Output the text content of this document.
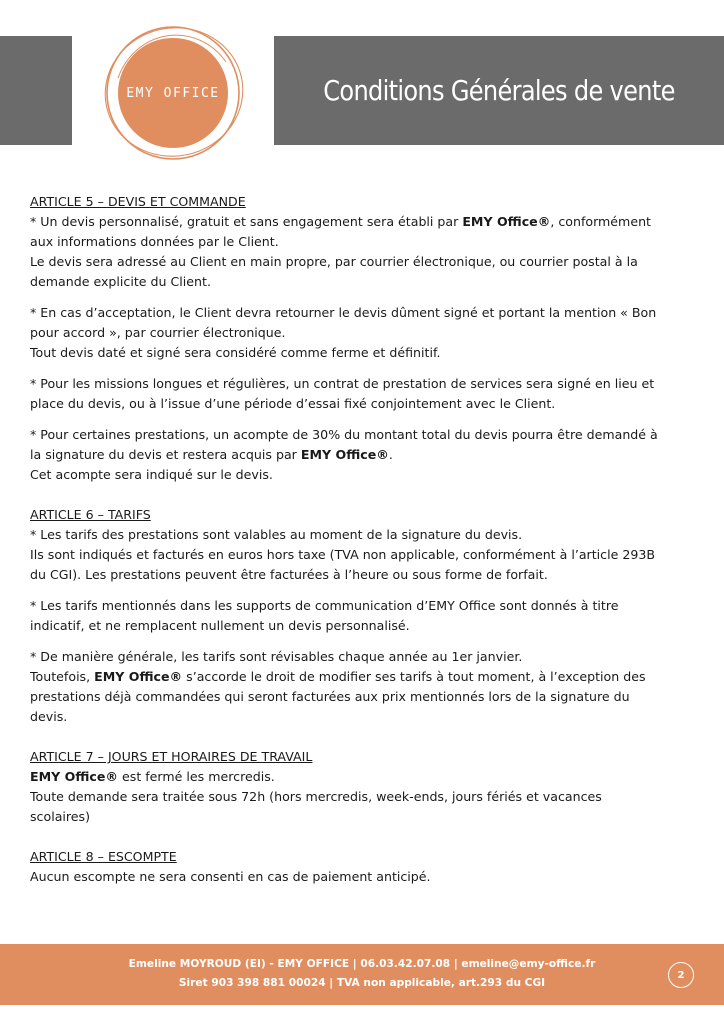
Conditions Générales de vente
EMY OFFICE
ARTICLE 5 – DEVIS ET COMMANDE
* Un devis personnalisé, gratuit et sans engagement sera établi par EMY Office®, conformément
aux informations données par le Client.
Le devis sera adressé au Client en main propre, par courrier électronique, ou courrier postal à la
demande explicite du Client.
* En cas d’acceptation, le Client devra retourner le devis dûment signé et portant la mention « Bon
pour accord », par courrier électronique.
Tout devis daté et signé sera considéré comme ferme et définitif.
* Pour les missions longues et régulières, un contrat de prestation de services sera signé en lieu et
place du devis, ou à l’issue d’une période d’essai fixé conjointement avec le Client.
* Pour certaines prestations, un acompte de 30% du montant total du devis pourra être demandé à
la signature du devis et restera acquis par EMY Office®.
Cet acompte sera indiqué sur le devis.
ARTICLE 6 – TARIFS
* Les tarifs des prestations sont valables au moment de la signature du devis.
Ils sont indiqués et facturés en euros hors taxe (TVA non applicable, conformément à l’article 293B
du CGI). Les prestations peuvent être facturées à l’heure ou sous forme de forfait.
* Les tarifs mentionnés dans les supports de communication d’EMY Office sont donnés à titre
indicatif, et ne remplacent nullement un devis personnalisé.
* De manière générale, les tarifs sont révisables chaque année au 1er janvier.
Toutefois, EMY Office® s’accorde le droit de modifier ses tarifs à tout moment, à l’exception des
prestations déjà commandées qui seront facturées aux prix mentionnés lors de la signature du
devis.
ARTICLE 7 – JOURS ET HORAIRES DE TRAVAIL
EMY Office® est fermé les mercredis.
Toute demande sera traitée sous 72h (hors mercredis, week-ends, jours fériés et vacances
scolaires)
ARTICLE 8 – ESCOMPTE
Aucun escompte ne sera consenti en cas de paiement anticipé.
Emeline MOYROUD (EI) - EMY OFFICE | 06.03.42.07.08 | emeline@emy-office.fr
Siret 903 398 881 00024 | TVA non applicable, art.293 du CGI
2
